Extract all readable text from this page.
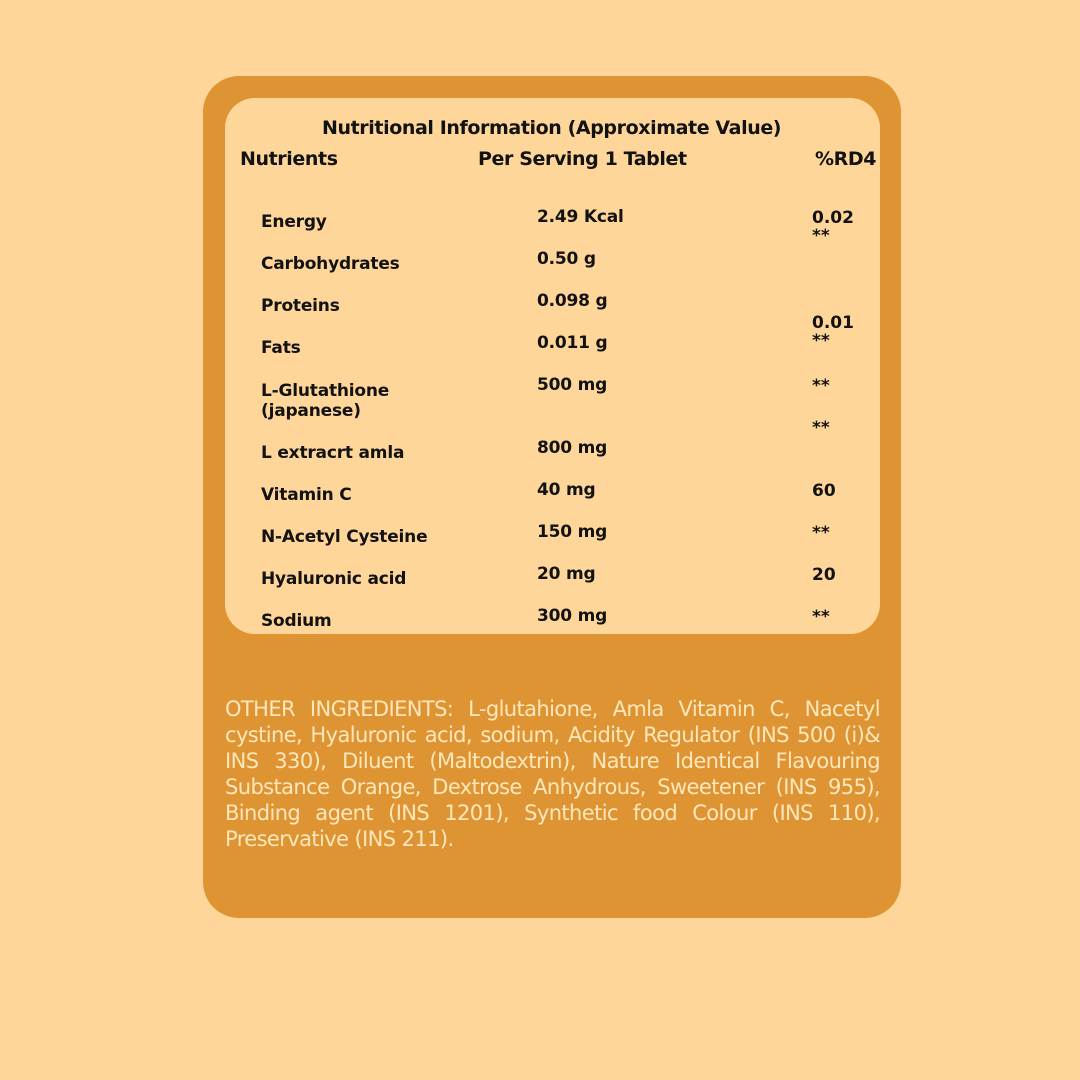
Nutritional Information (Approximate Value)
Nutrients	Per Serving 1 Tablet	%RD4
Energy
Carbohydrates
Proteins
Fats
L-Glutathione
(japanese)
L extracrt amla
Vitamin C
N-Acetyl Cysteine
Hyaluronic acid
Sodium
2.49 Kcal
0.50 g
0.098 g
0.011 g
500 mg
800 mg
40 mg
150 mg
20 mg
300 mg
0.02
**
0.01
**
**
**
60
**
20
**

OTHER INGREDIENTS: L-glutahione, Amla Vitamin C, Nacetyl cystine, Hyaluronic acid, sodium, Acidity Regulator (INS 500 (i)& INS 330), Diluent (Maltodextrin), Nature Identical Flavouring Substance Orange, Dextrose Anhydrous, Sweetener (INS 955), Binding agent (INS 1201), Synthetic food Colour (INS 110), Preservative (INS 211).
